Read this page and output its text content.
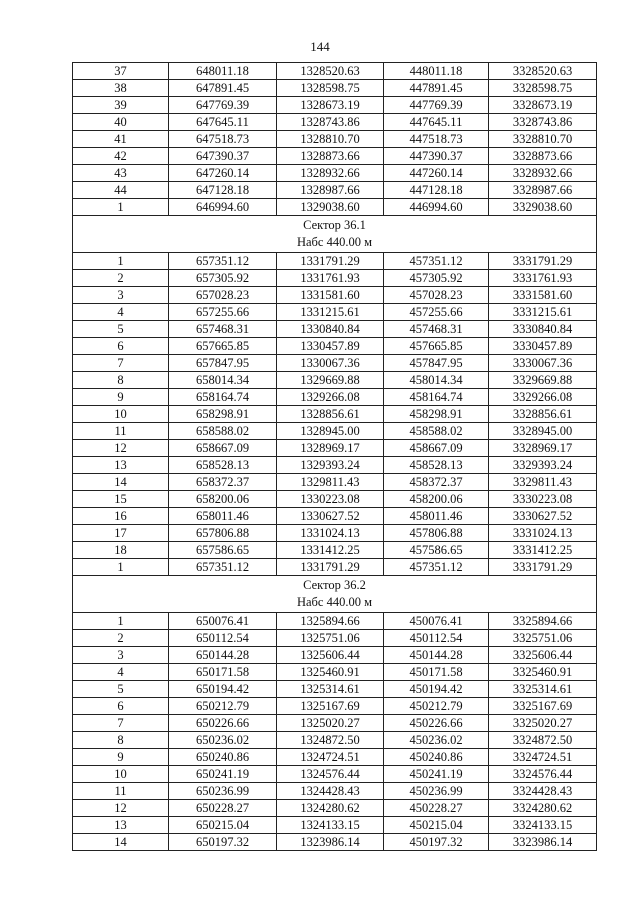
144
37	648011.18	1328520.63	448011.18	3328520.63
38	647891.45	1328598.75	447891.45	3328598.75
39	647769.39	1328673.19	447769.39	3328673.19
40	647645.11	1328743.86	447645.11	3328743.86
41	647518.73	1328810.70	447518.73	3328810.70
42	647390.37	1328873.66	447390.37	3328873.66
43	647260.14	1328932.66	447260.14	3328932.66
44	647128.18	1328987.66	447128.18	3328987.66
1	646994.60	1329038.60	446994.60	3329038.60

Сектор 36.1
Набс 440.00 м				

1	657351.12	1331791.29	457351.12	3331791.29
2	657305.92	1331761.93	457305.92	3331761.93
3	657028.23	1331581.60	457028.23	3331581.60
4	657255.66	1331215.61	457255.66	3331215.61
5	657468.31	1330840.84	457468.31	3330840.84
6	657665.85	1330457.89	457665.85	3330457.89
7	657847.95	1330067.36	457847.95	3330067.36
8	658014.34	1329669.88	458014.34	3329669.88
9	658164.74	1329266.08	458164.74	3329266.08
10	658298.91	1328856.61	458298.91	3328856.61
11	658588.02	1328945.00	458588.02	3328945.00
12	658667.09	1328969.17	458667.09	3328969.17
13	658528.13	1329393.24	458528.13	3329393.24
14	658372.37	1329811.43	458372.37	3329811.43
15	658200.06	1330223.08	458200.06	3330223.08
16	658011.46	1330627.52	458011.46	3330627.52
17	657806.88	1331024.13	457806.88	3331024.13
18	657586.65	1331412.25	457586.65	3331412.25
1	657351.12	1331791.29	457351.12	3331791.29

Сектор 36.2
Набс 440.00 м				

1	650076.41	1325894.66	450076.41	3325894.66
2	650112.54	1325751.06	450112.54	3325751.06
3	650144.28	1325606.44	450144.28	3325606.44
4	650171.58	1325460.91	450171.58	3325460.91
5	650194.42	1325314.61	450194.42	3325314.61
6	650212.79	1325167.69	450212.79	3325167.69
7	650226.66	1325020.27	450226.66	3325020.27
8	650236.02	1324872.50	450236.02	3324872.50
9	650240.86	1324724.51	450240.86	3324724.51
10	650241.19	1324576.44	450241.19	3324576.44
11	650236.99	1324428.43	450236.99	3324428.43
12	650228.27	1324280.62	450228.27	3324280.62
13	650215.04	1324133.15	450215.04	3324133.15
14	650197.32	1323986.14	450197.32	3323986.14
